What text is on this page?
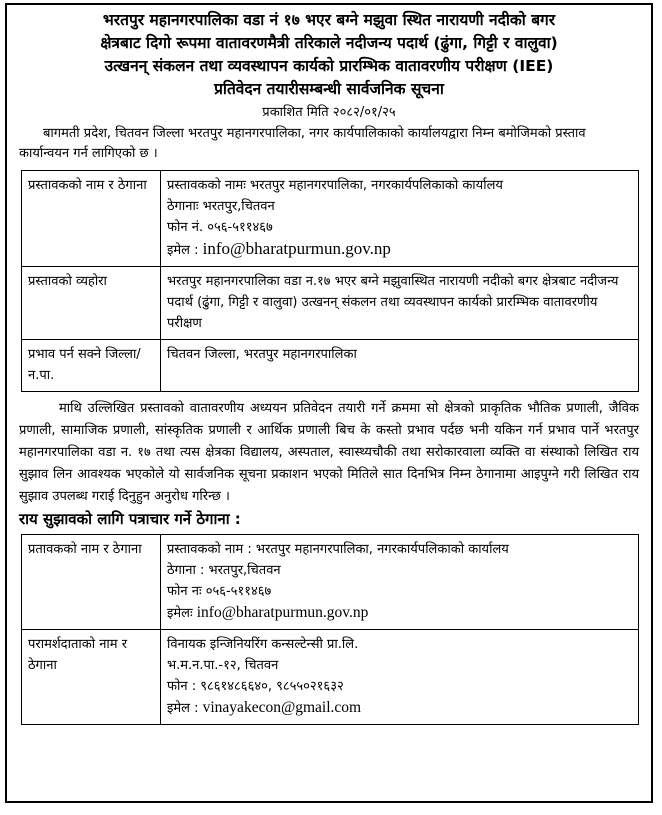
भरतपुर महानगरपालिका वडा नं १७ भएर बग्ने मझुवा स्थित नारायणी नदीको बगर
क्षेत्रबाट दिगो रूपमा वातावरणमैत्री तरिकाले नदीजन्य पदार्थ (ढुंगा, गिट्टी र वालुवा)
उत्खनन् संकलन तथा व्यवस्थापन कार्यको प्रारम्भिक वातावरणीय परीक्षण (IEE)
प्रतिवेदन तयारीसम्बन्धी सार्वजनिक सूचना
प्रकाशित मिति २०८२/०१/२५
बागमती प्रदेश, चितवन जिल्ला भरतपुर महानगरपालिका, नगर कार्यपालिकाको कार्यालयद्वारा निम्न बमोजिमको प्रस्ताव कार्यान्वयन गर्न लागिएको छ ।
प्रस्तावकको नाम र ठेगाना	प्रस्तावकको नामः भरतपुर महानगरपालिका, नगरकार्यपलिकाको कार्यालय
ठेगानाः भरतपुर,चितवन
फोन नं. ०५६-५११४६७
इमेल : info@bharatpurmun.gov.np

प्रस्तावको व्यहोरा	भरतपुर महानगरपालिका वडा न.१७ भएर बग्ने मझुवास्थित नारायणी नदीको बगर क्षेत्रबाट नदीजन्य पदार्थ (ढुंगा, गिट्टी र वालुवा) उत्खनन् संकलन तथा व्यवस्थापन कार्यको प्रारम्भिक वातावरणीय परीक्षण
प्रभाव पर्न सक्ने जिल्ला/न.पा.	चितवन जिल्ला, भरतपुर महानगरपालिका
माथि उल्लिखित प्रस्तावको वातावरणीय अध्ययन प्रतिवेदन तयारी गर्ने क्रममा सो क्षेत्रको प्राकृतिक भौतिक प्रणाली, जैविक प्रणाली, सामाजिक प्रणाली, सांस्कृतिक प्रणाली र आर्थिक प्रणाली बिच के कस्तो प्रभाव पर्दछ भनी यकिन गर्न प्रभाव पार्ने भरतपुर महानगरपालिका वडा न. १७ तथा त्यस क्षेत्रका विद्यालय, अस्पताल, स्वास्थ्यचौकी तथा सरोकारवाला व्यक्ति वा संस्थाको लिखित राय सुझाव लिन आवश्यक भएकोले यो सार्वजनिक सूचना प्रकाशन भएको मितिले सात दिनभित्र निम्न ठेगानामा आइपुग्ने गरी लिखित राय सुझाव उपलब्ध गराई दिनुहुन अनुरोध गरिन्छ ।
राय सुझावको लागि पत्राचार गर्ने ठेगाना :
प्रतावकको नाम र ठेगाना	प्रस्तावकको नाम : भरतपुर महानगरपालिका, नगरकार्यपलिकाको कार्यालय
ठेगाना : भरतपुर,चितवन
फोन नः ०५६-५११४६७
इमेलः info@bharatpurmun.gov.np

परामर्शदाताको नाम र ठेगाना	विनायक इन्जिनियरिंग कन्सल्टेन्सी प्रा.लि.
भ.म.न.पा.-१२, चितवन
फोन : ९८६१४८६६४०, ९८५५०२१६३२
इमेल : vinayakecon@gmail.com
